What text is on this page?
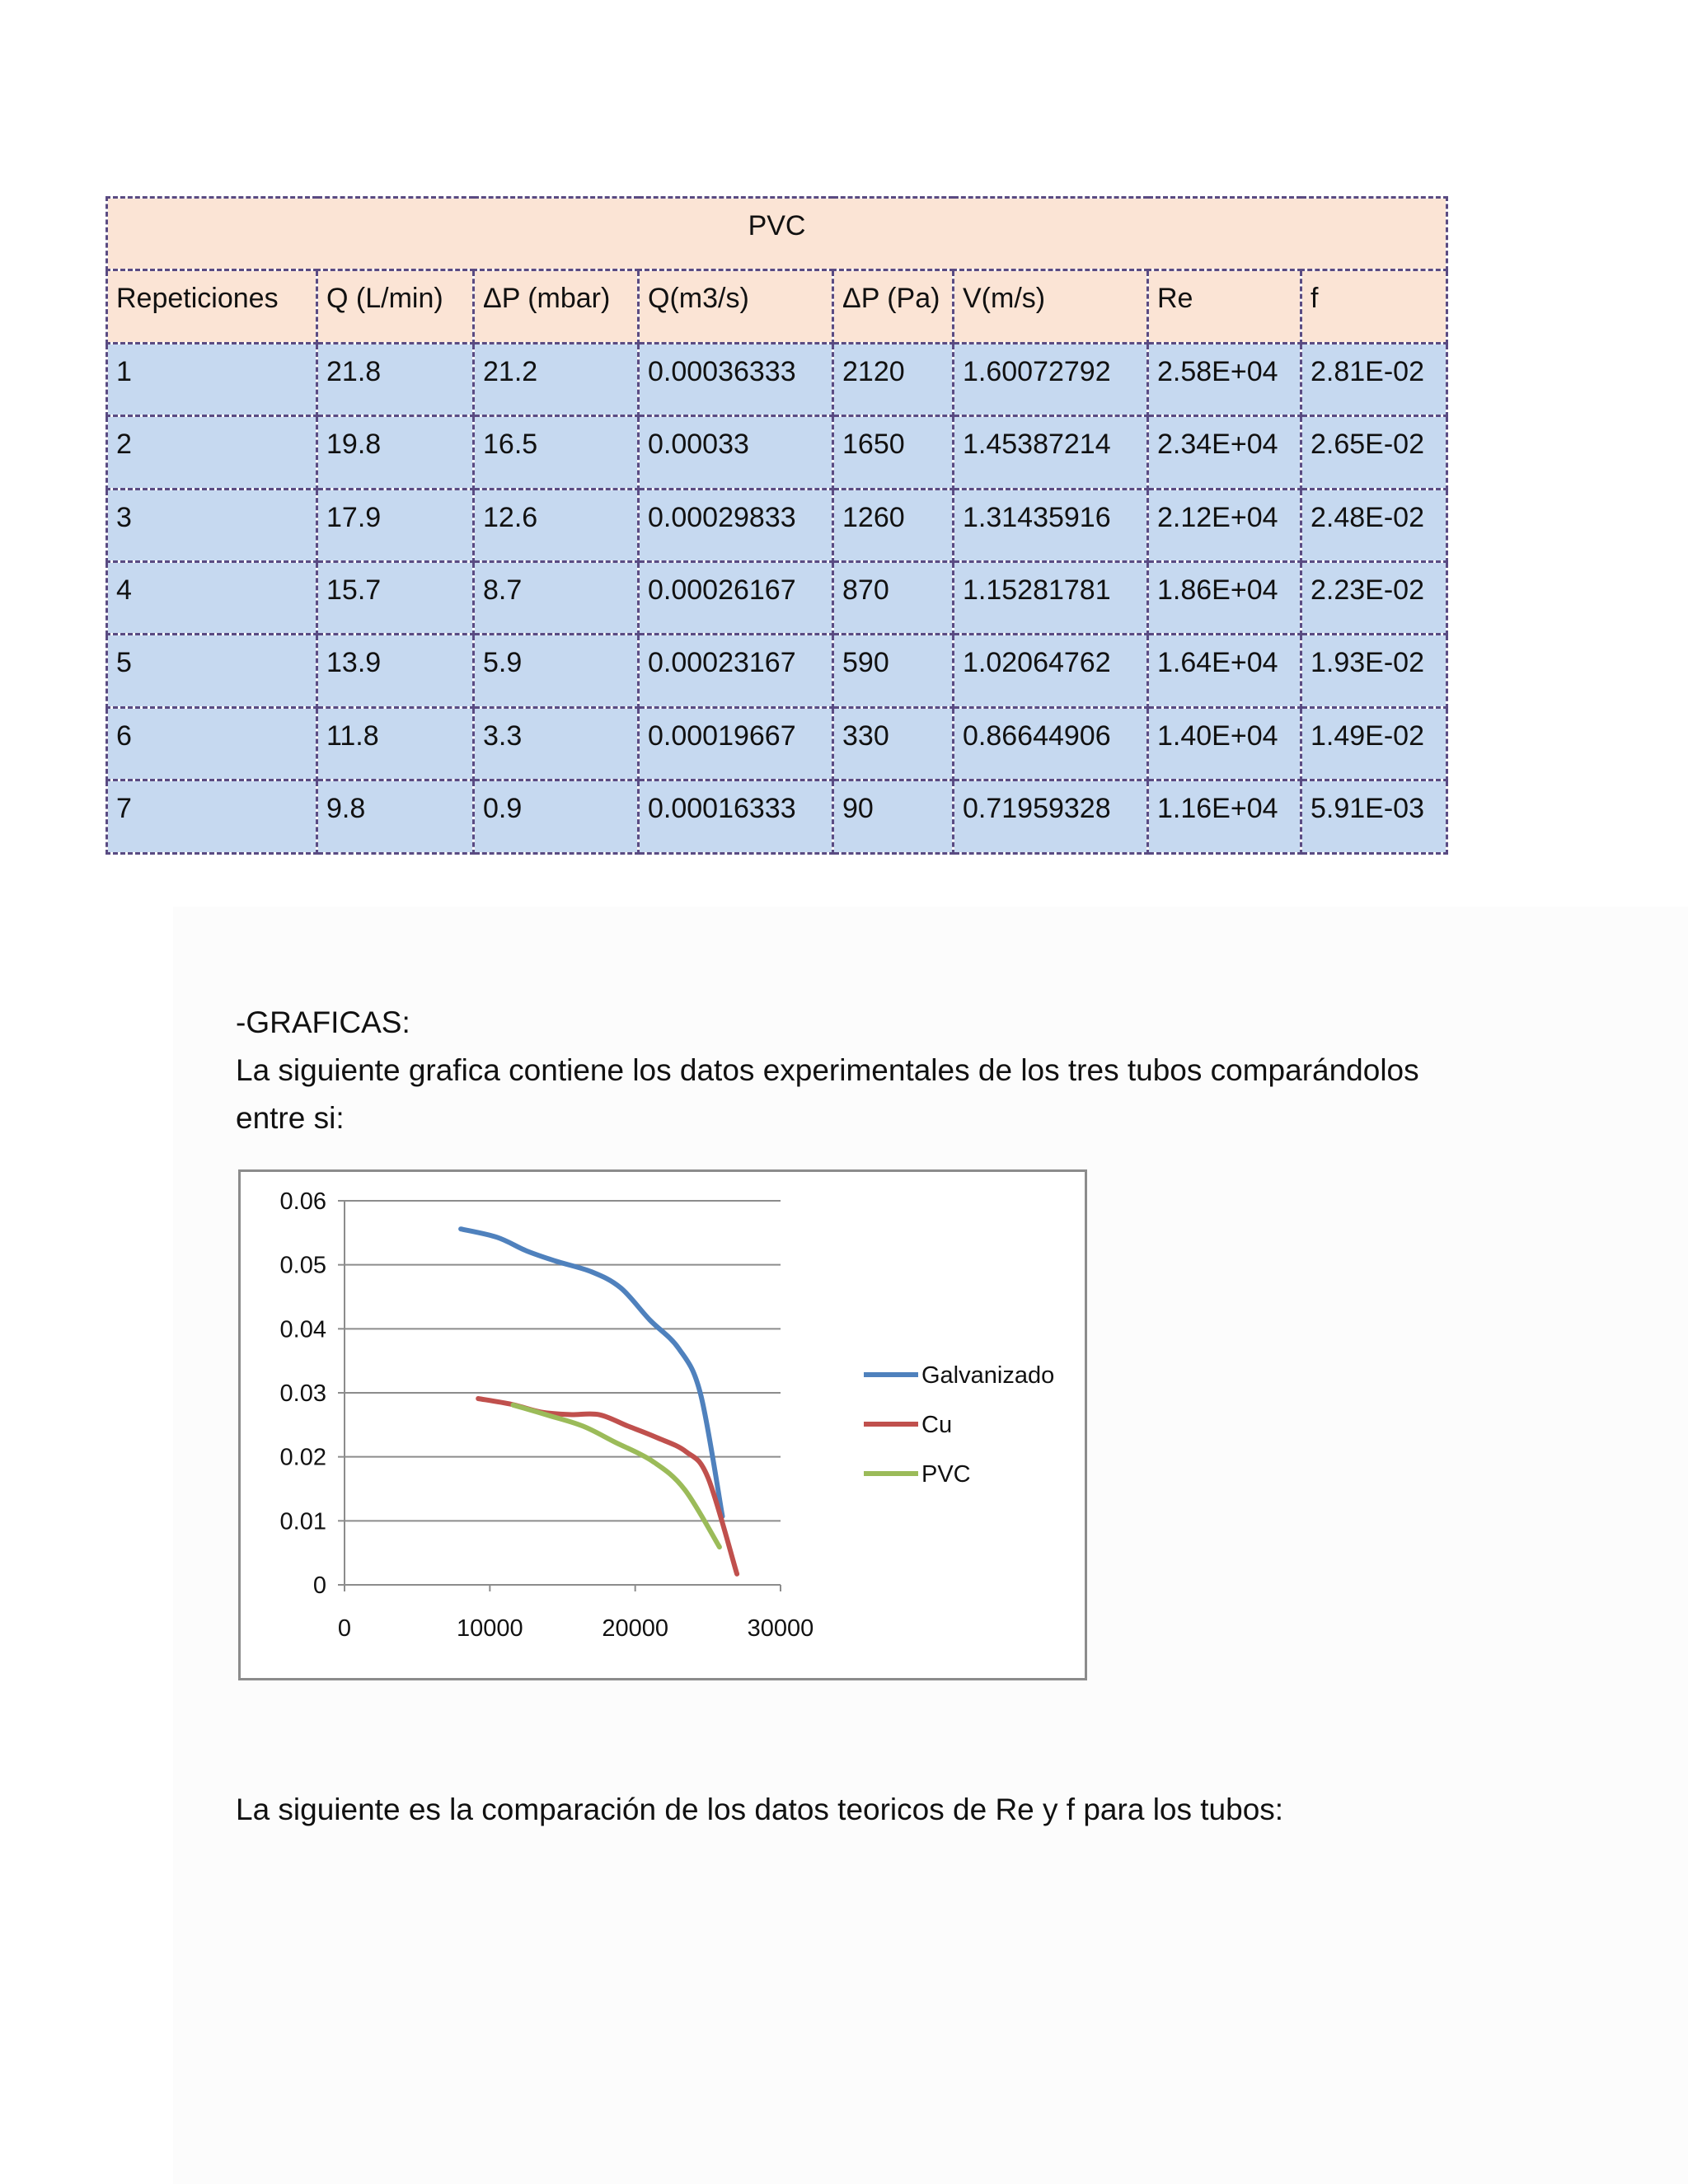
PVC							
Repeticiones	Q (L/min)	ΔP (mbar)	Q(m3/s)	ΔP (Pa)	V(m/s)	Re	f
1	21.8	21.2	0.00036333	2120	1.60072792	2.58E+04	2.81E-02
2	19.8	16.5	0.00033	1650	1.45387214	2.34E+04	2.65E-02
3	17.9	12.6	0.00029833	1260	1.31435916	2.12E+04	2.48E-02
4	15.7	8.7	0.00026167	870	1.15281781	1.86E+04	2.23E-02
5	13.9	5.9	0.00023167	590	1.02064762	1.64E+04	1.93E-02
6	11.8	3.3	0.00019667	330	0.86644906	1.40E+04	1.49E-02
7	9.8	0.9	0.00016333	90	0.71959328	1.16E+04	5.91E-03
-GRAFICAS:
La siguiente grafica contiene los datos experimentales de los tres tubos comparándolos entre si:
0
0.01
0.02
0.03
0.04
0.05
0.06
0	10000	20000	30000
Galvanizado
Cu
PVC
La siguiente es la comparación de los datos teoricos de Re y f para los tubos:
